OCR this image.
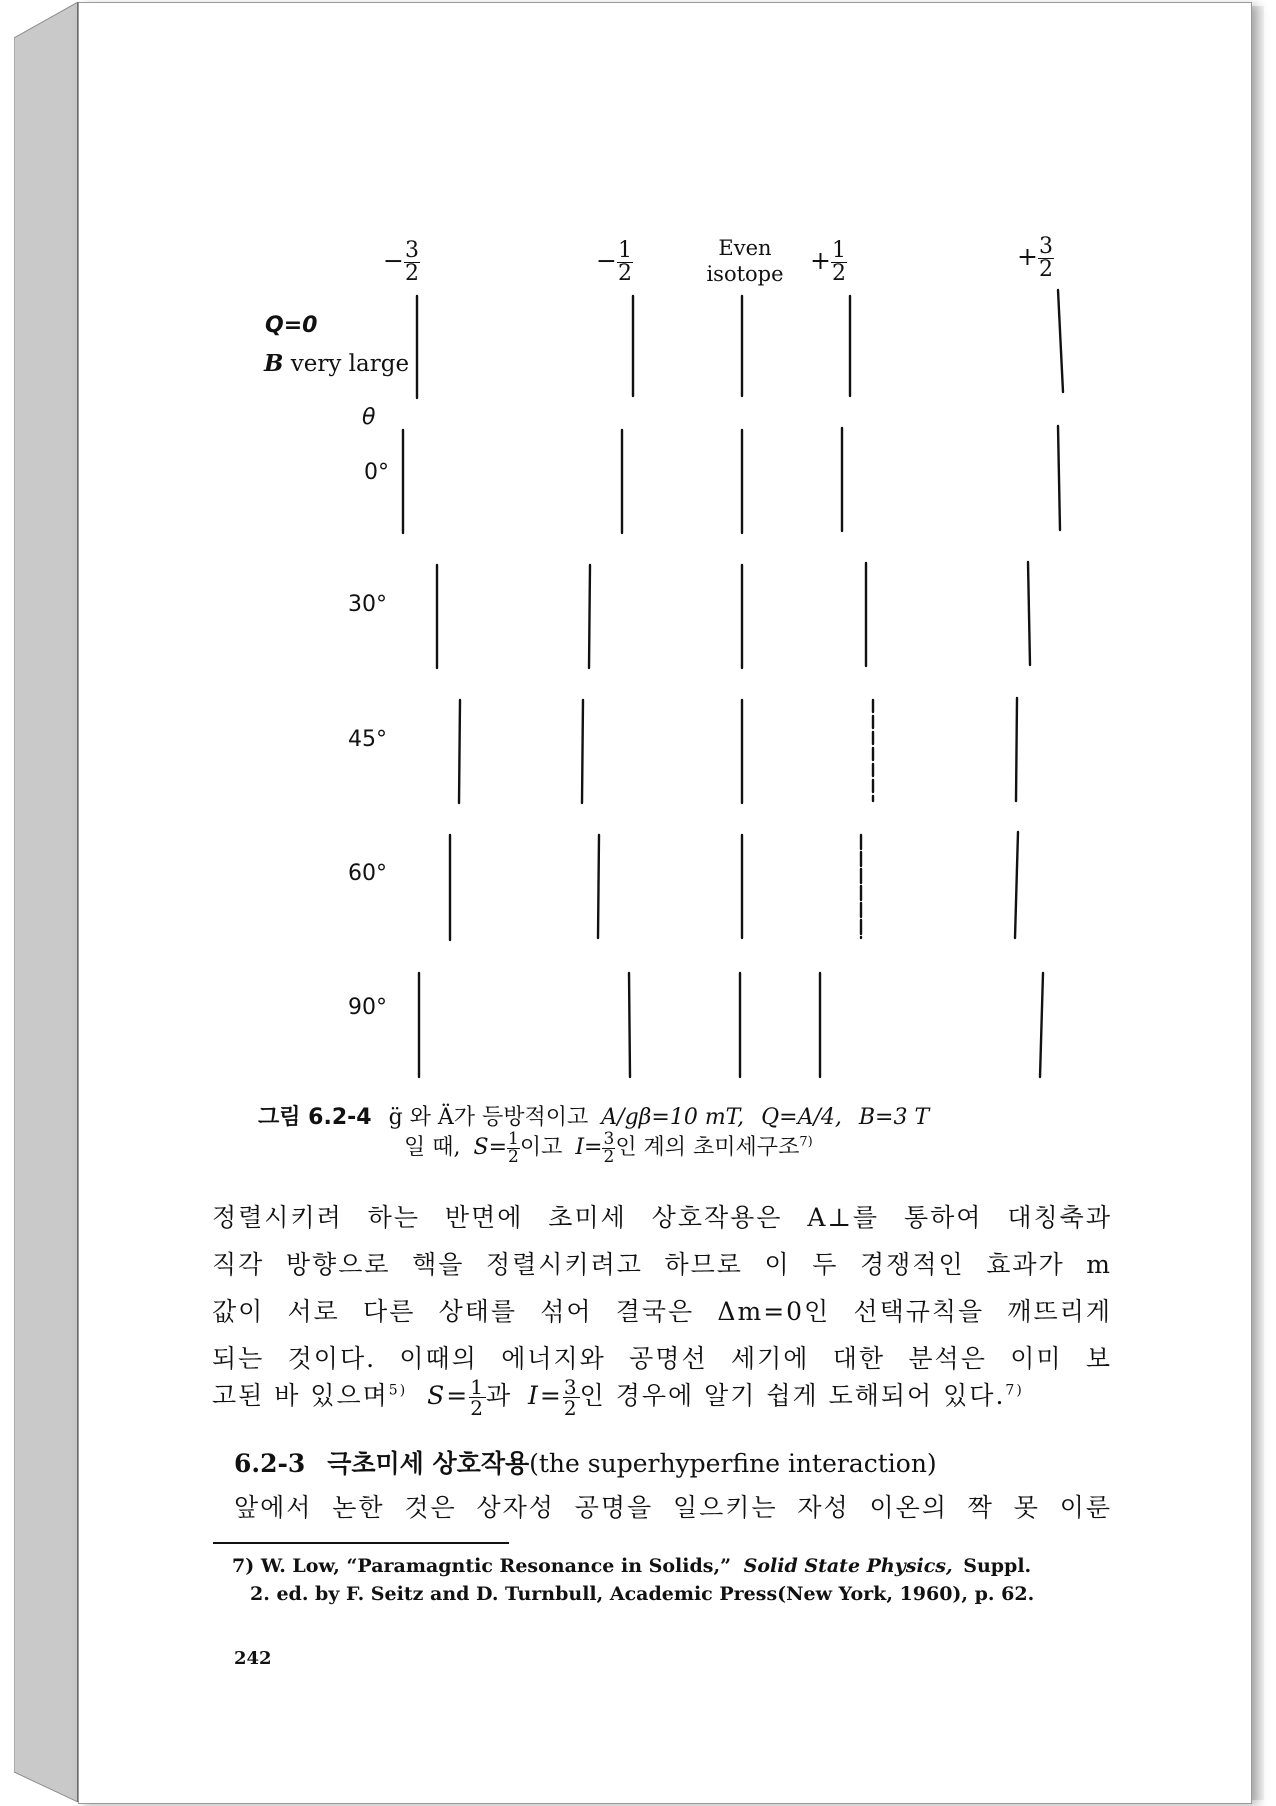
− $\frac{3}{2}$	− $\frac{1}{2}$	Even
isotope + $\frac{1}{2}$	+ $\frac{3}{2}$
Q=0
B very large
θ
0°
30°
45°
60°
90°
그림 6.2-4 g̈ 와 Ä가 등방적이고 A/gβ=10 mT, Q=A/4, B=3 T
일 때, $S= \frac{1}{2}$ 이고 $I= \frac{3}{2}$ 인 계의 초미세구조$^{7)}$
정렬시키려 하는 반면에 초미세 상호작용은 A⊥를 통하여 대칭축과
직각 방향으로 핵을 정렬시키려고 하므로 이 두 경쟁적인 효과가 m
값이 서로 다른 상태를 섞어 결국은 Δm=0인 선택규칙을 깨뜨리게
되는 것이다. 이때의 에너지와 공명선 세기에 대한 분석은 이미 보
고된 바 있으며$^{5)}$ $S= \frac{1}{2}$ 과 $I= \frac{3}{2}$ 인 경우에 알기 쉽게 도해되어 있다.$^{7)}$
6.2-3 극초미세 상호작용(the superhyperfine interaction)
앞에서 논한 것은 상자성 공명을 일으키는 자성 이온의 짝 못 이룬
7) W. Low, “Paramagntic Resonance in Solids,” Solid State Physics, Suppl.
2. ed. by F. Seitz and D. Turnbull, Academic Press(New York, 1960), p. 62.
242
